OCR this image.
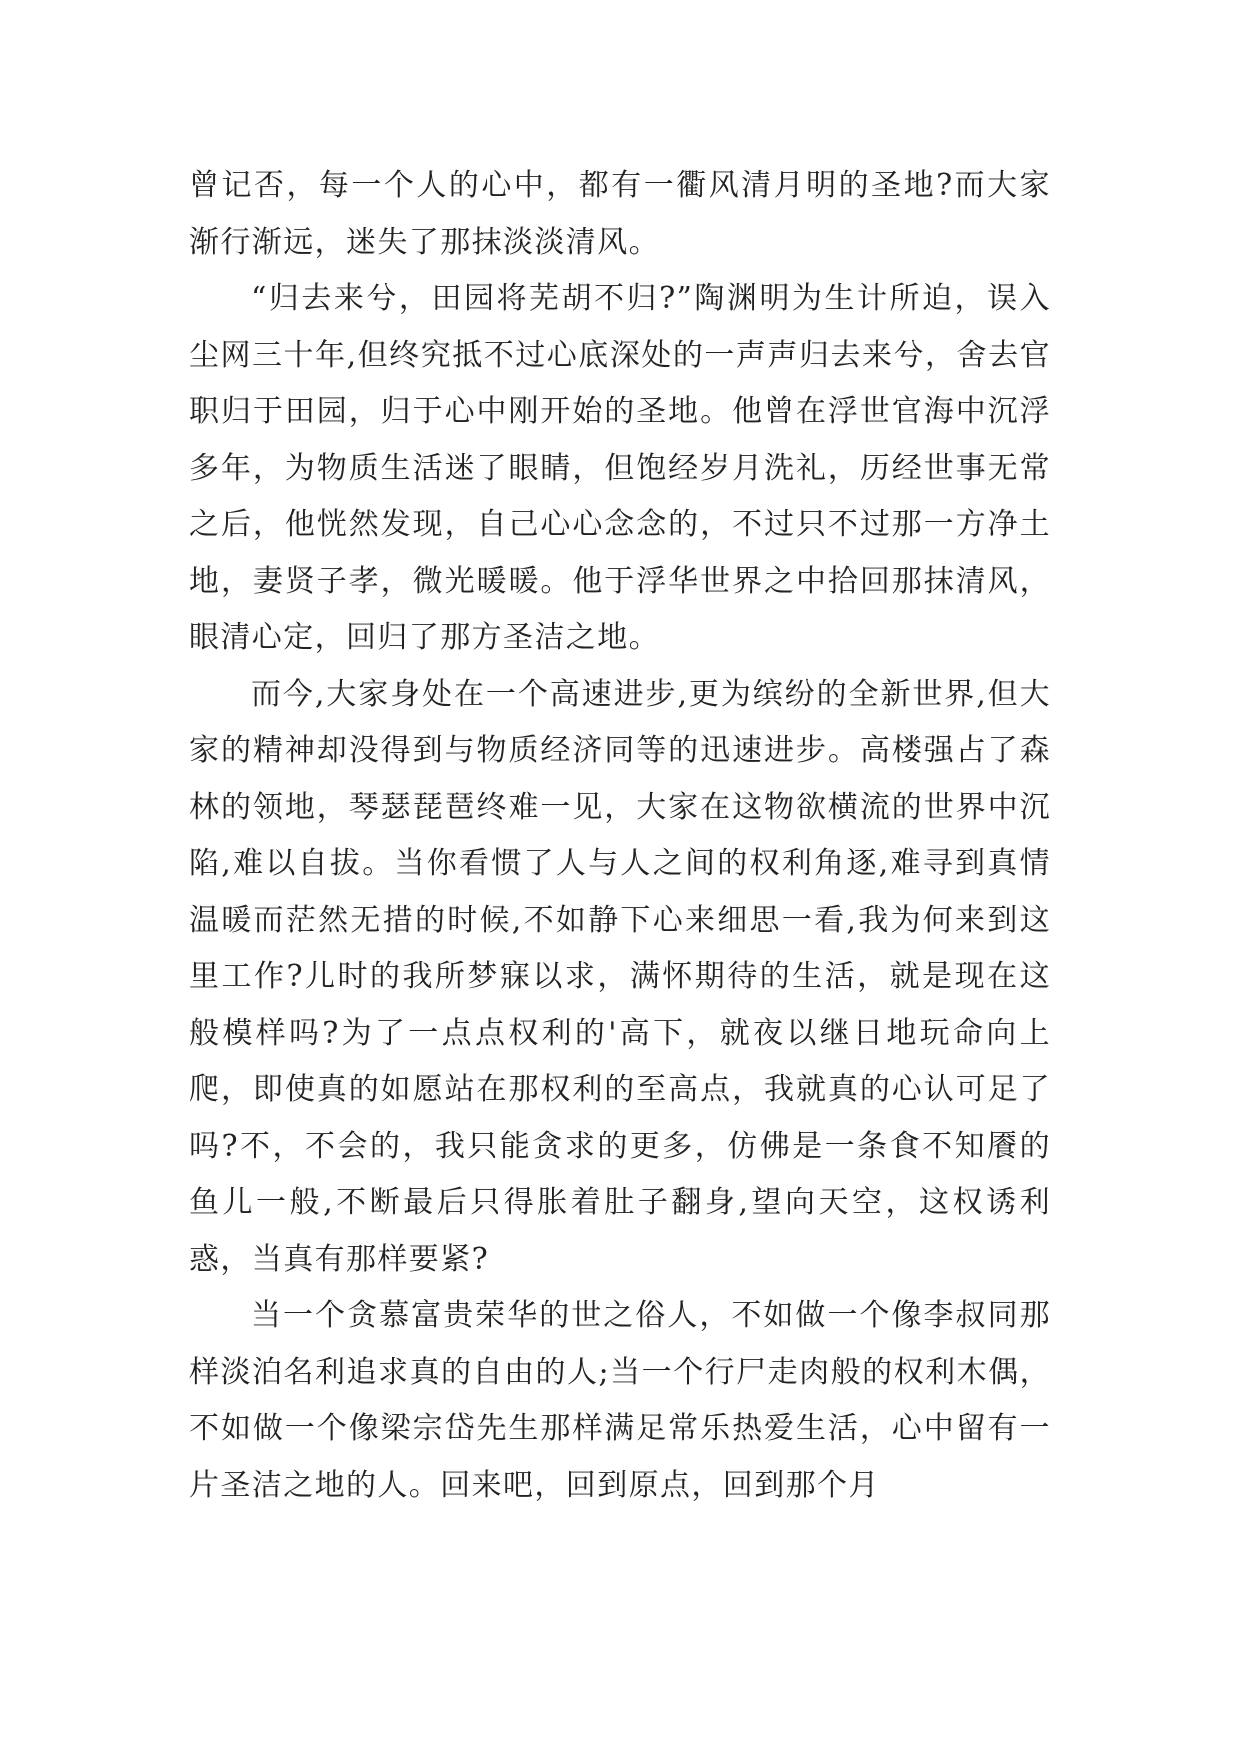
曾记否，每一个人的心中，都有一衢风清月明的圣地?而大家渐行渐远，迷失了那抹淡淡清风。

“归去来兮，田园将芜胡不归?”陶渊明为生计所迫，误入尘网三十年,但终究抵不过心底深处的一声声归去来兮，舍去官职归于田园，归于心中刚开始的圣地。他曾在浮世官海中沉浮多年，为物质生活迷了眼睛，但饱经岁月洗礼，历经世事无常之后，他恍然发现，自己心心念念的，不过只不过那一方净土地，妻贤子孝，微光暖暖。他于浮华世界之中拾回那抹清风，眼清心定，回归了那方圣洁之地。

而今,大家身处在一个高速进步,更为缤纷的全新世界,但大家的精神却没得到与物质经济同等的迅速进步。高楼强占了森林的领地，琴瑟琵琶终难一见，大家在这物欲横流的世界中沉陷,难以自拔。当你看惯了人与人之间的权利角逐,难寻到真情温暖而茫然无措的时候,不如静下心来细思一看,我为何来到这里工作?儿时的我所梦寐以求，满怀期待的生活，就是现在这般模样吗?为了一点点权利的'高下，就夜以继日地玩命向上爬，即使真的如愿站在那权利的至高点，我就真的心认可足了吗?不，不会的，我只能贪求的更多，仿佛是一条食不知餍的鱼儿一般,不断最后只得胀着肚子翻身,望向天空，这权诱利惑，当真有那样要紧?

当一个贪慕富贵荣华的世之俗人，不如做一个像李叔同那样淡泊名利追求真的自由的人;当一个行尸走肉般的权利木偶，不如做一个像梁宗岱先生那样满足常乐热爱生活，心中留有一片圣洁之地的人。回来吧，回到原点，回到那个月
